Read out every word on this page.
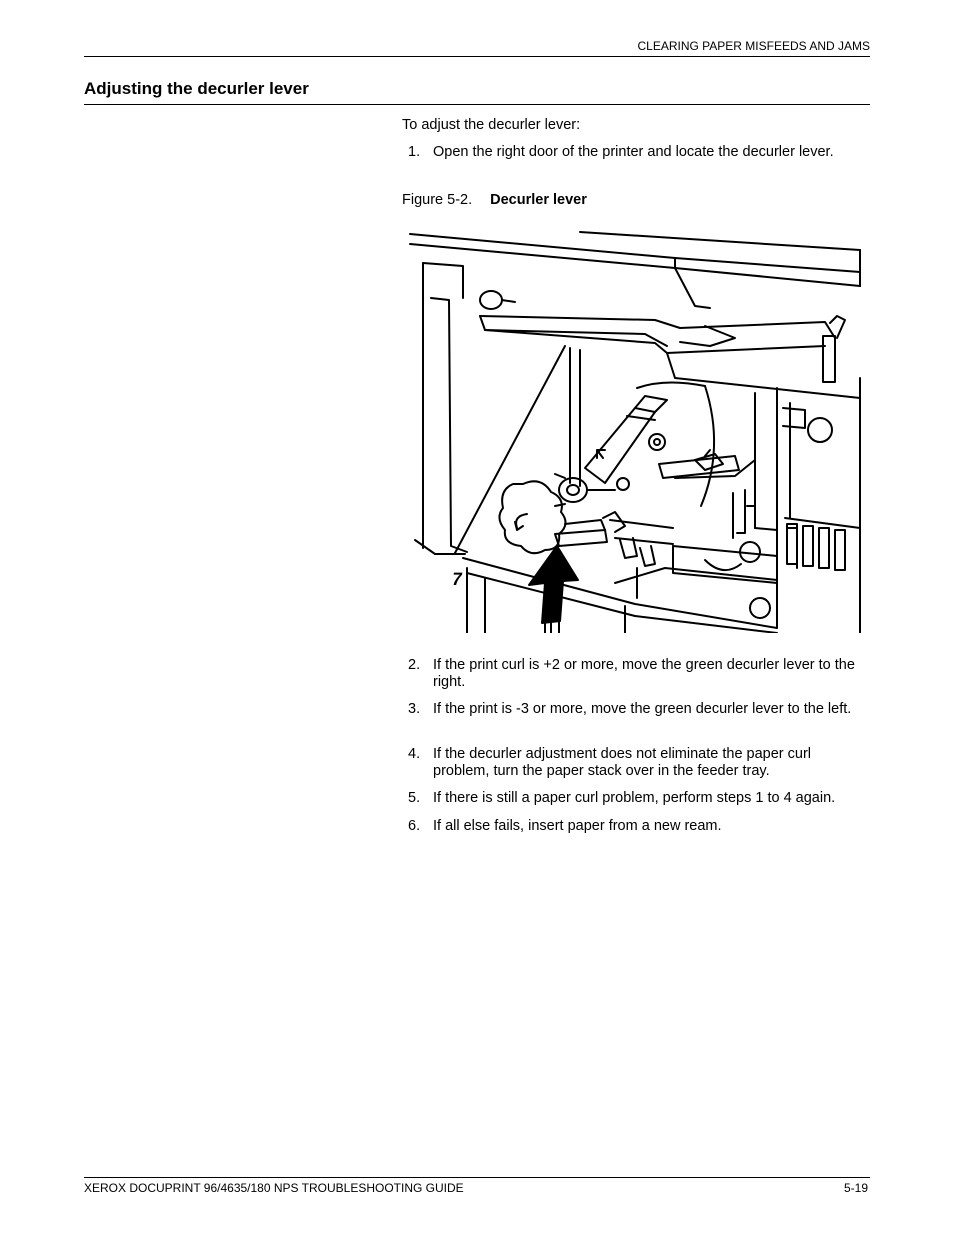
CLEARING PAPER MISFEEDS AND JAMS
Adjusting the decurler lever
To adjust the decurler lever:
1. Open the right door of the printer and locate the decurler lever.
Figure 5-2. Decurler lever
7
2. If the print curl is +2 or more, move the green decurler lever to the right.
3. If the print is -3 or more, move the green decurler lever to the left.
4. If the decurler adjustment does not eliminate the paper curl problem, turn the paper stack over in the feeder tray.
5. If there is still a paper curl problem, perform steps 1 to 4 again.
6. If all else fails, insert paper from a new ream.
XEROX DOCUPRINT 96/4635/180 NPS TROUBLESHOOTING GUIDE	5-19
